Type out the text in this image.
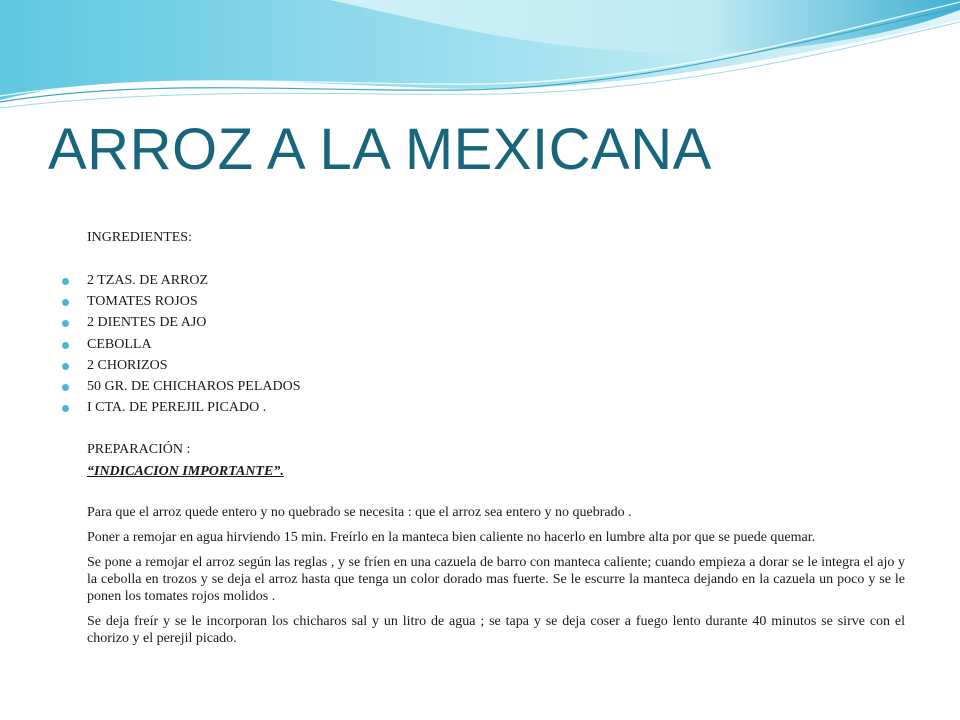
ARROZ A LA MEXICANA
INGREDIENTES:
2 TZAS. DE ARROZ
TOMATES ROJOS
2 DIENTES DE AJO
CEBOLLA
2 CHORIZOS
50 GR. DE CHICHAROS PELADOS
I CTA. DE PEREJIL PICADO .
PREPARACIÓN :
“INDICACION IMPORTANTE”.

Para que el arroz quede entero y no quebrado se necesita : que el arroz sea entero y no quebrado .

Poner a remojar en agua hirviendo 15 min. Freírlo en la manteca bien caliente no hacerlo en lumbre alta por que se puede quemar.

Se pone a remojar el arroz según las reglas , y se fríen en una cazuela de barro con manteca caliente; cuando empieza a dorar se le integra el ajo y la cebolla en trozos y se deja el arroz hasta que tenga un color dorado mas fuerte. Se le escurre la manteca dejando en la cazuela un poco y se le ponen los tomates rojos molidos .

Se deja freír y se le incorporan los chicharos sal y un litro de agua ; se tapa y se deja coser a fuego lento durante 40 minutos se sirve con el chorizo y el perejil picado.
